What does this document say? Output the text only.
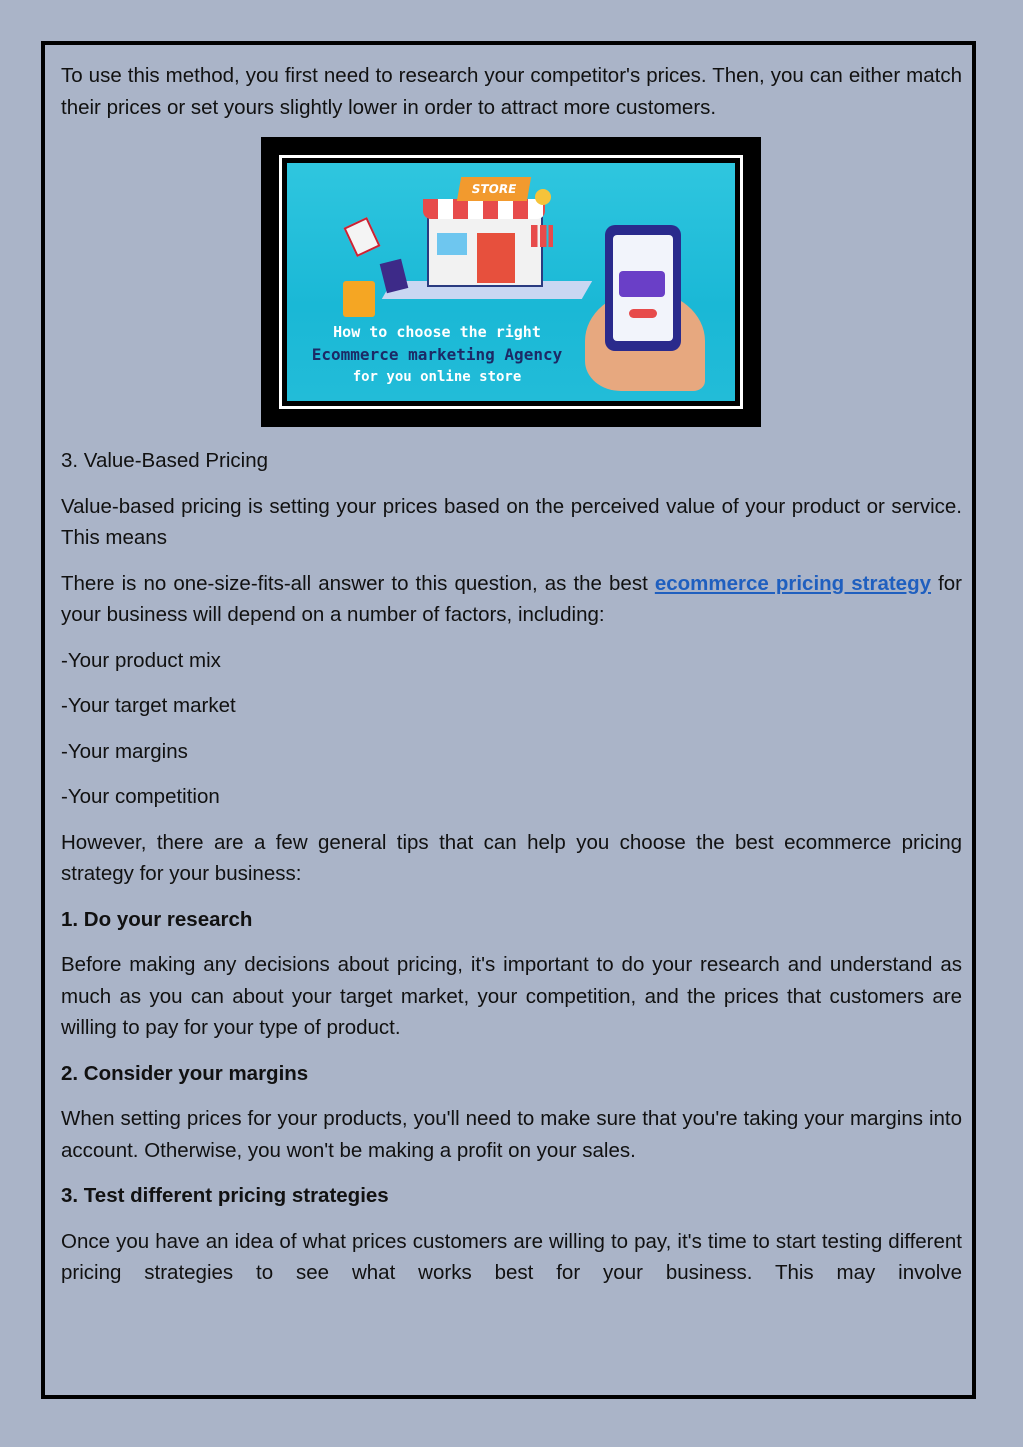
To use this method, you first need to research your competitor's prices. Then, you can either match their prices or set yours slightly lower in order to attract more customers.

STORE
How to choose the right
Ecommerce marketing Agency
for you online store

3. Value-Based Pricing

Value-based pricing is setting your prices based on the perceived value of your product or service. This means

There is no one-size-fits-all answer to this question, as the best ecommerce pricing strategy for your business will depend on a number of factors, including:

-Your product mix

-Your target market

-Your margins

-Your competition

However, there are a few general tips that can help you choose the best ecommerce pricing strategy for your business:

1. Do your research

Before making any decisions about pricing, it's important to do your research and understand as much as you can about your target market, your competition, and the prices that customers are willing to pay for your type of product.

2. Consider your margins

When setting prices for your products, you'll need to make sure that you're taking your margins into account. Otherwise, you won't be making a profit on your sales.

3. Test different pricing strategies

Once you have an idea of what prices customers are willing to pay, it's time to start testing different pricing strategies to see what works best for your business. This may involve
